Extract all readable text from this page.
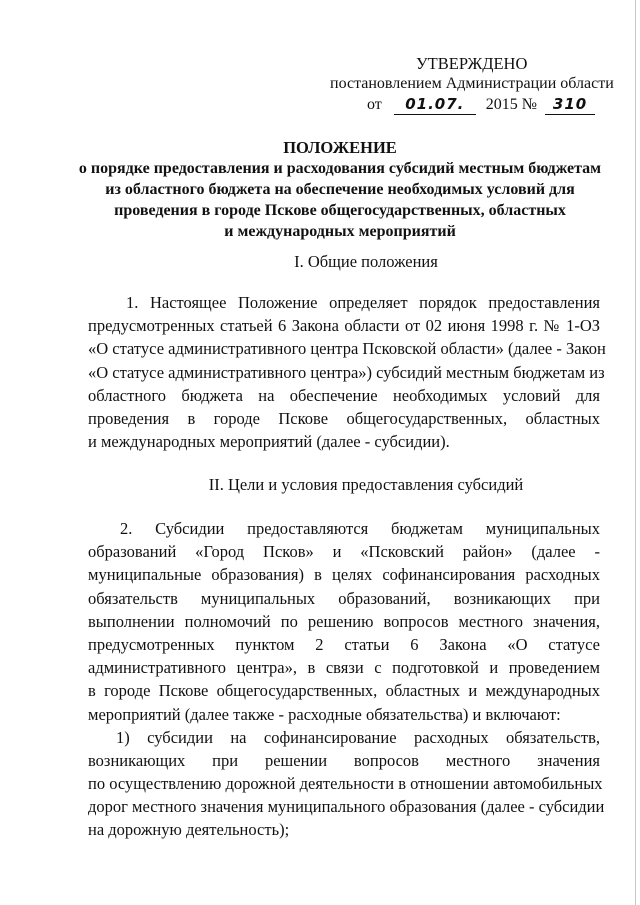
УТВЕРЖДЕНО
постановлением Администрации области
от 01.07. 2015 № 310
ПОЛОЖЕНИЕ
о порядке предоставления и расходования субсидий местным бюджетам
из областного бюджета на обеспечение необходимых условий для
проведения в городе Пскове общегосударственных, областных
и международных мероприятий
I. Общие положения
1. Настоящее Положение определяет порядок предоставления
предусмотренных статьей 6 Закона области от 02 июня 1998 г. № 1-ОЗ
«О статусе административного центра Псковской области» (далее - Закон
«О статусе административного центра») субсидий местным бюджетам из
областного бюджета на обеспечение необходимых условий для
проведения в городе Пскове общегосударственных, областных
и международных мероприятий (далее - субсидии).
II. Цели и условия предоставления субсидий
2. Субсидии предоставляются бюджетам муниципальных
образований «Город Псков» и «Псковский район» (далее -
муниципальные образования) в целях софинансирования расходных
обязательств муниципальных образований, возникающих при
выполнении полномочий по решению вопросов местного значения,
предусмотренных пунктом 2 статьи 6 Закона «О статусе
административного центра», в связи с подготовкой и проведением
в городе Пскове общегосударственных, областных и международных
мероприятий (далее также - расходные обязательства) и включают:
1) субсидии на софинансирование расходных обязательств,
возникающих при решении вопросов местного значения
по осуществлению дорожной деятельности в отношении автомобильных
дорог местного значения муниципального образования (далее - субсидии
на дорожную деятельность);
